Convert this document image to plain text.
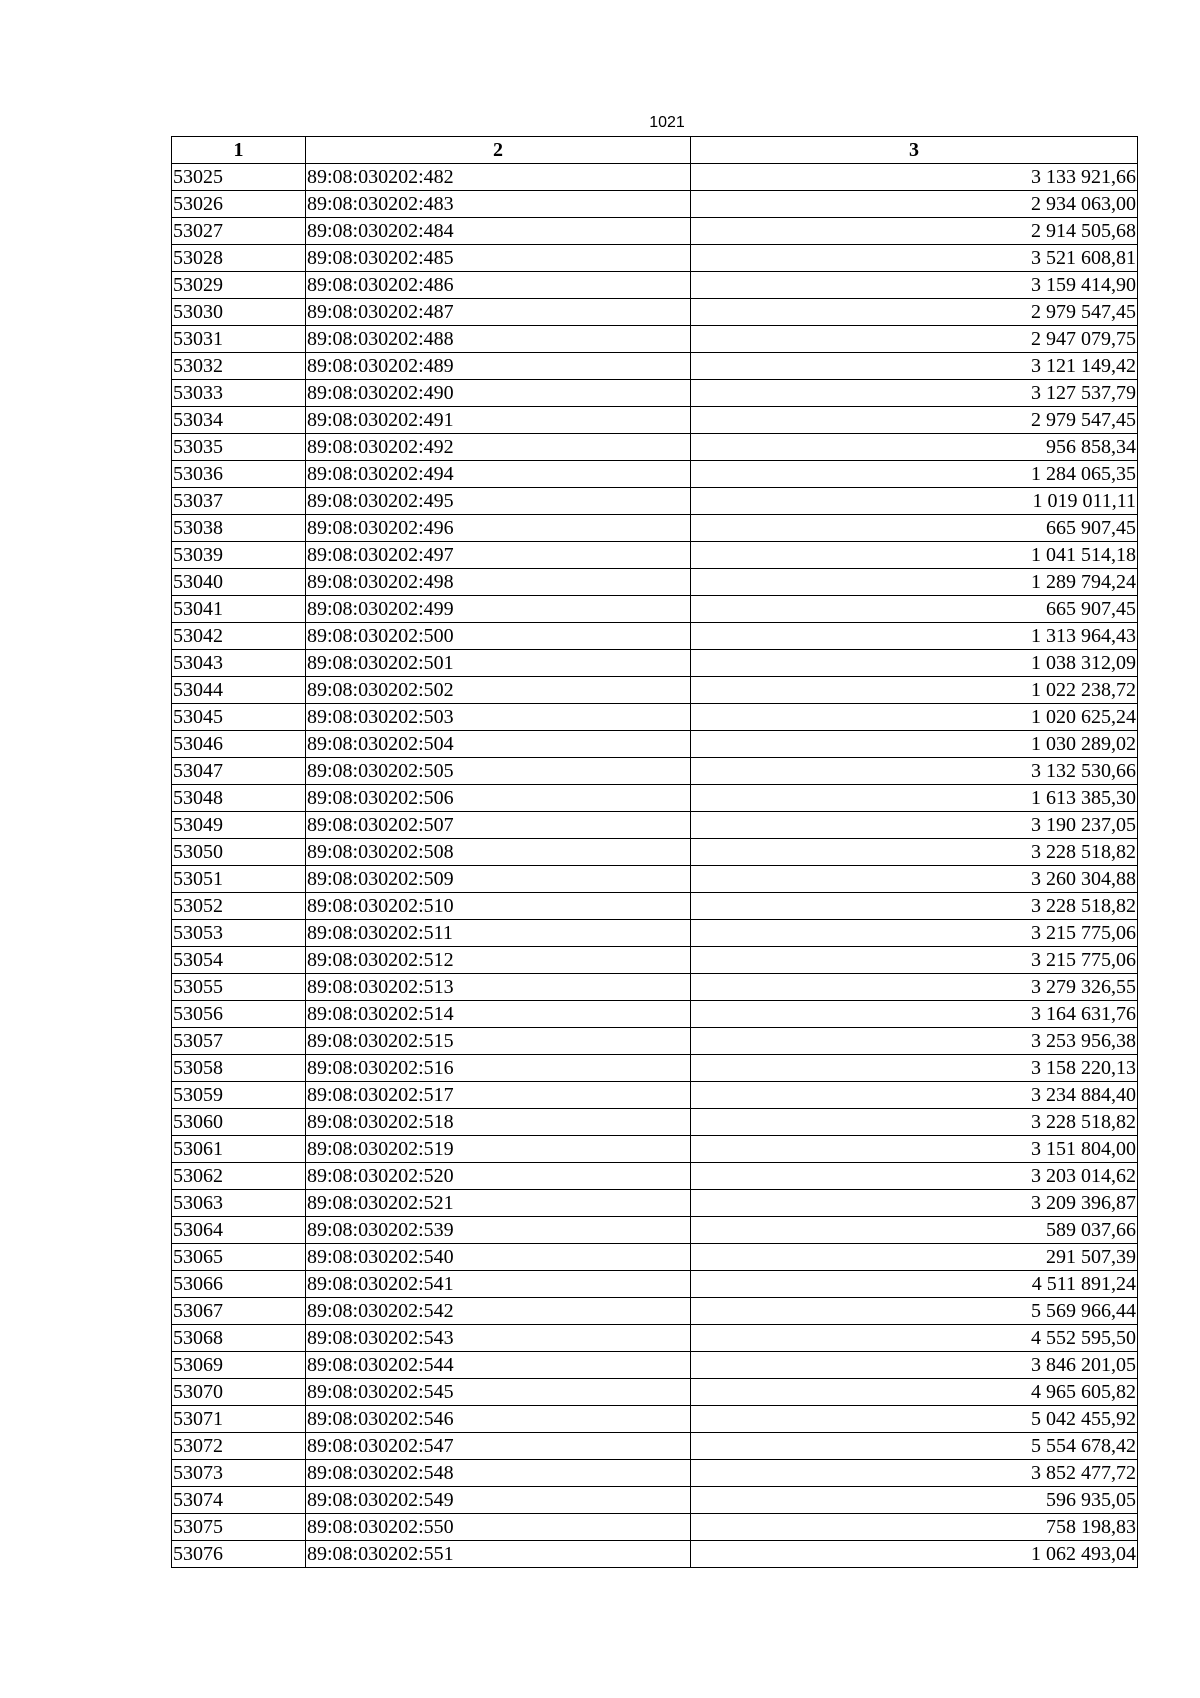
1021
1	2	3
53025	89:08:030202:482	3 133 921,66
53026	89:08:030202:483	2 934 063,00
53027	89:08:030202:484	2 914 505,68
53028	89:08:030202:485	3 521 608,81
53029	89:08:030202:486	3 159 414,90
53030	89:08:030202:487	2 979 547,45
53031	89:08:030202:488	2 947 079,75
53032	89:08:030202:489	3 121 149,42
53033	89:08:030202:490	3 127 537,79
53034	89:08:030202:491	2 979 547,45
53035	89:08:030202:492	956 858,34
53036	89:08:030202:494	1 284 065,35
53037	89:08:030202:495	1 019 011,11
53038	89:08:030202:496	665 907,45
53039	89:08:030202:497	1 041 514,18
53040	89:08:030202:498	1 289 794,24
53041	89:08:030202:499	665 907,45
53042	89:08:030202:500	1 313 964,43
53043	89:08:030202:501	1 038 312,09
53044	89:08:030202:502	1 022 238,72
53045	89:08:030202:503	1 020 625,24
53046	89:08:030202:504	1 030 289,02
53047	89:08:030202:505	3 132 530,66
53048	89:08:030202:506	1 613 385,30
53049	89:08:030202:507	3 190 237,05
53050	89:08:030202:508	3 228 518,82
53051	89:08:030202:509	3 260 304,88
53052	89:08:030202:510	3 228 518,82
53053	89:08:030202:511	3 215 775,06
53054	89:08:030202:512	3 215 775,06
53055	89:08:030202:513	3 279 326,55
53056	89:08:030202:514	3 164 631,76
53057	89:08:030202:515	3 253 956,38
53058	89:08:030202:516	3 158 220,13
53059	89:08:030202:517	3 234 884,40
53060	89:08:030202:518	3 228 518,82
53061	89:08:030202:519	3 151 804,00
53062	89:08:030202:520	3 203 014,62
53063	89:08:030202:521	3 209 396,87
53064	89:08:030202:539	589 037,66
53065	89:08:030202:540	291 507,39
53066	89:08:030202:541	4 511 891,24
53067	89:08:030202:542	5 569 966,44
53068	89:08:030202:543	4 552 595,50
53069	89:08:030202:544	3 846 201,05
53070	89:08:030202:545	4 965 605,82
53071	89:08:030202:546	5 042 455,92
53072	89:08:030202:547	5 554 678,42
53073	89:08:030202:548	3 852 477,72
53074	89:08:030202:549	596 935,05
53075	89:08:030202:550	758 198,83
53076	89:08:030202:551	1 062 493,04
